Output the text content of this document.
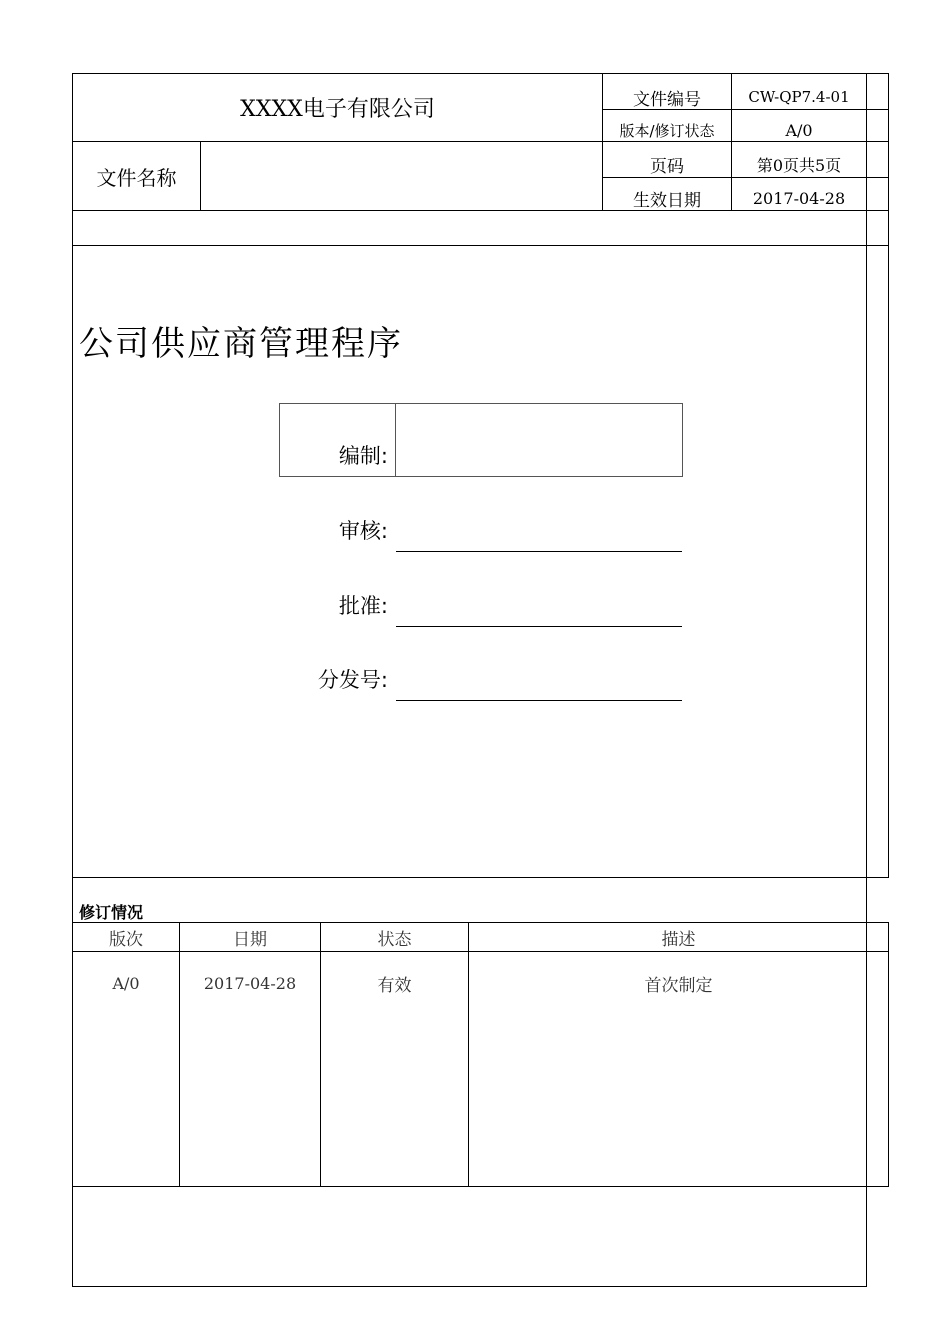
XXXX电子有限公司
文件名称
文件编号	CW-QP7.4-01
版本/修订状态	A/0
页码	第0页共5页
生效日期	2017-04-28
公司供应商管理程序
编制:
审核:
批准:
分发号:
修订情况
版次	日期	状态	描述
A/0	2017-04-28	有效	首次制定
